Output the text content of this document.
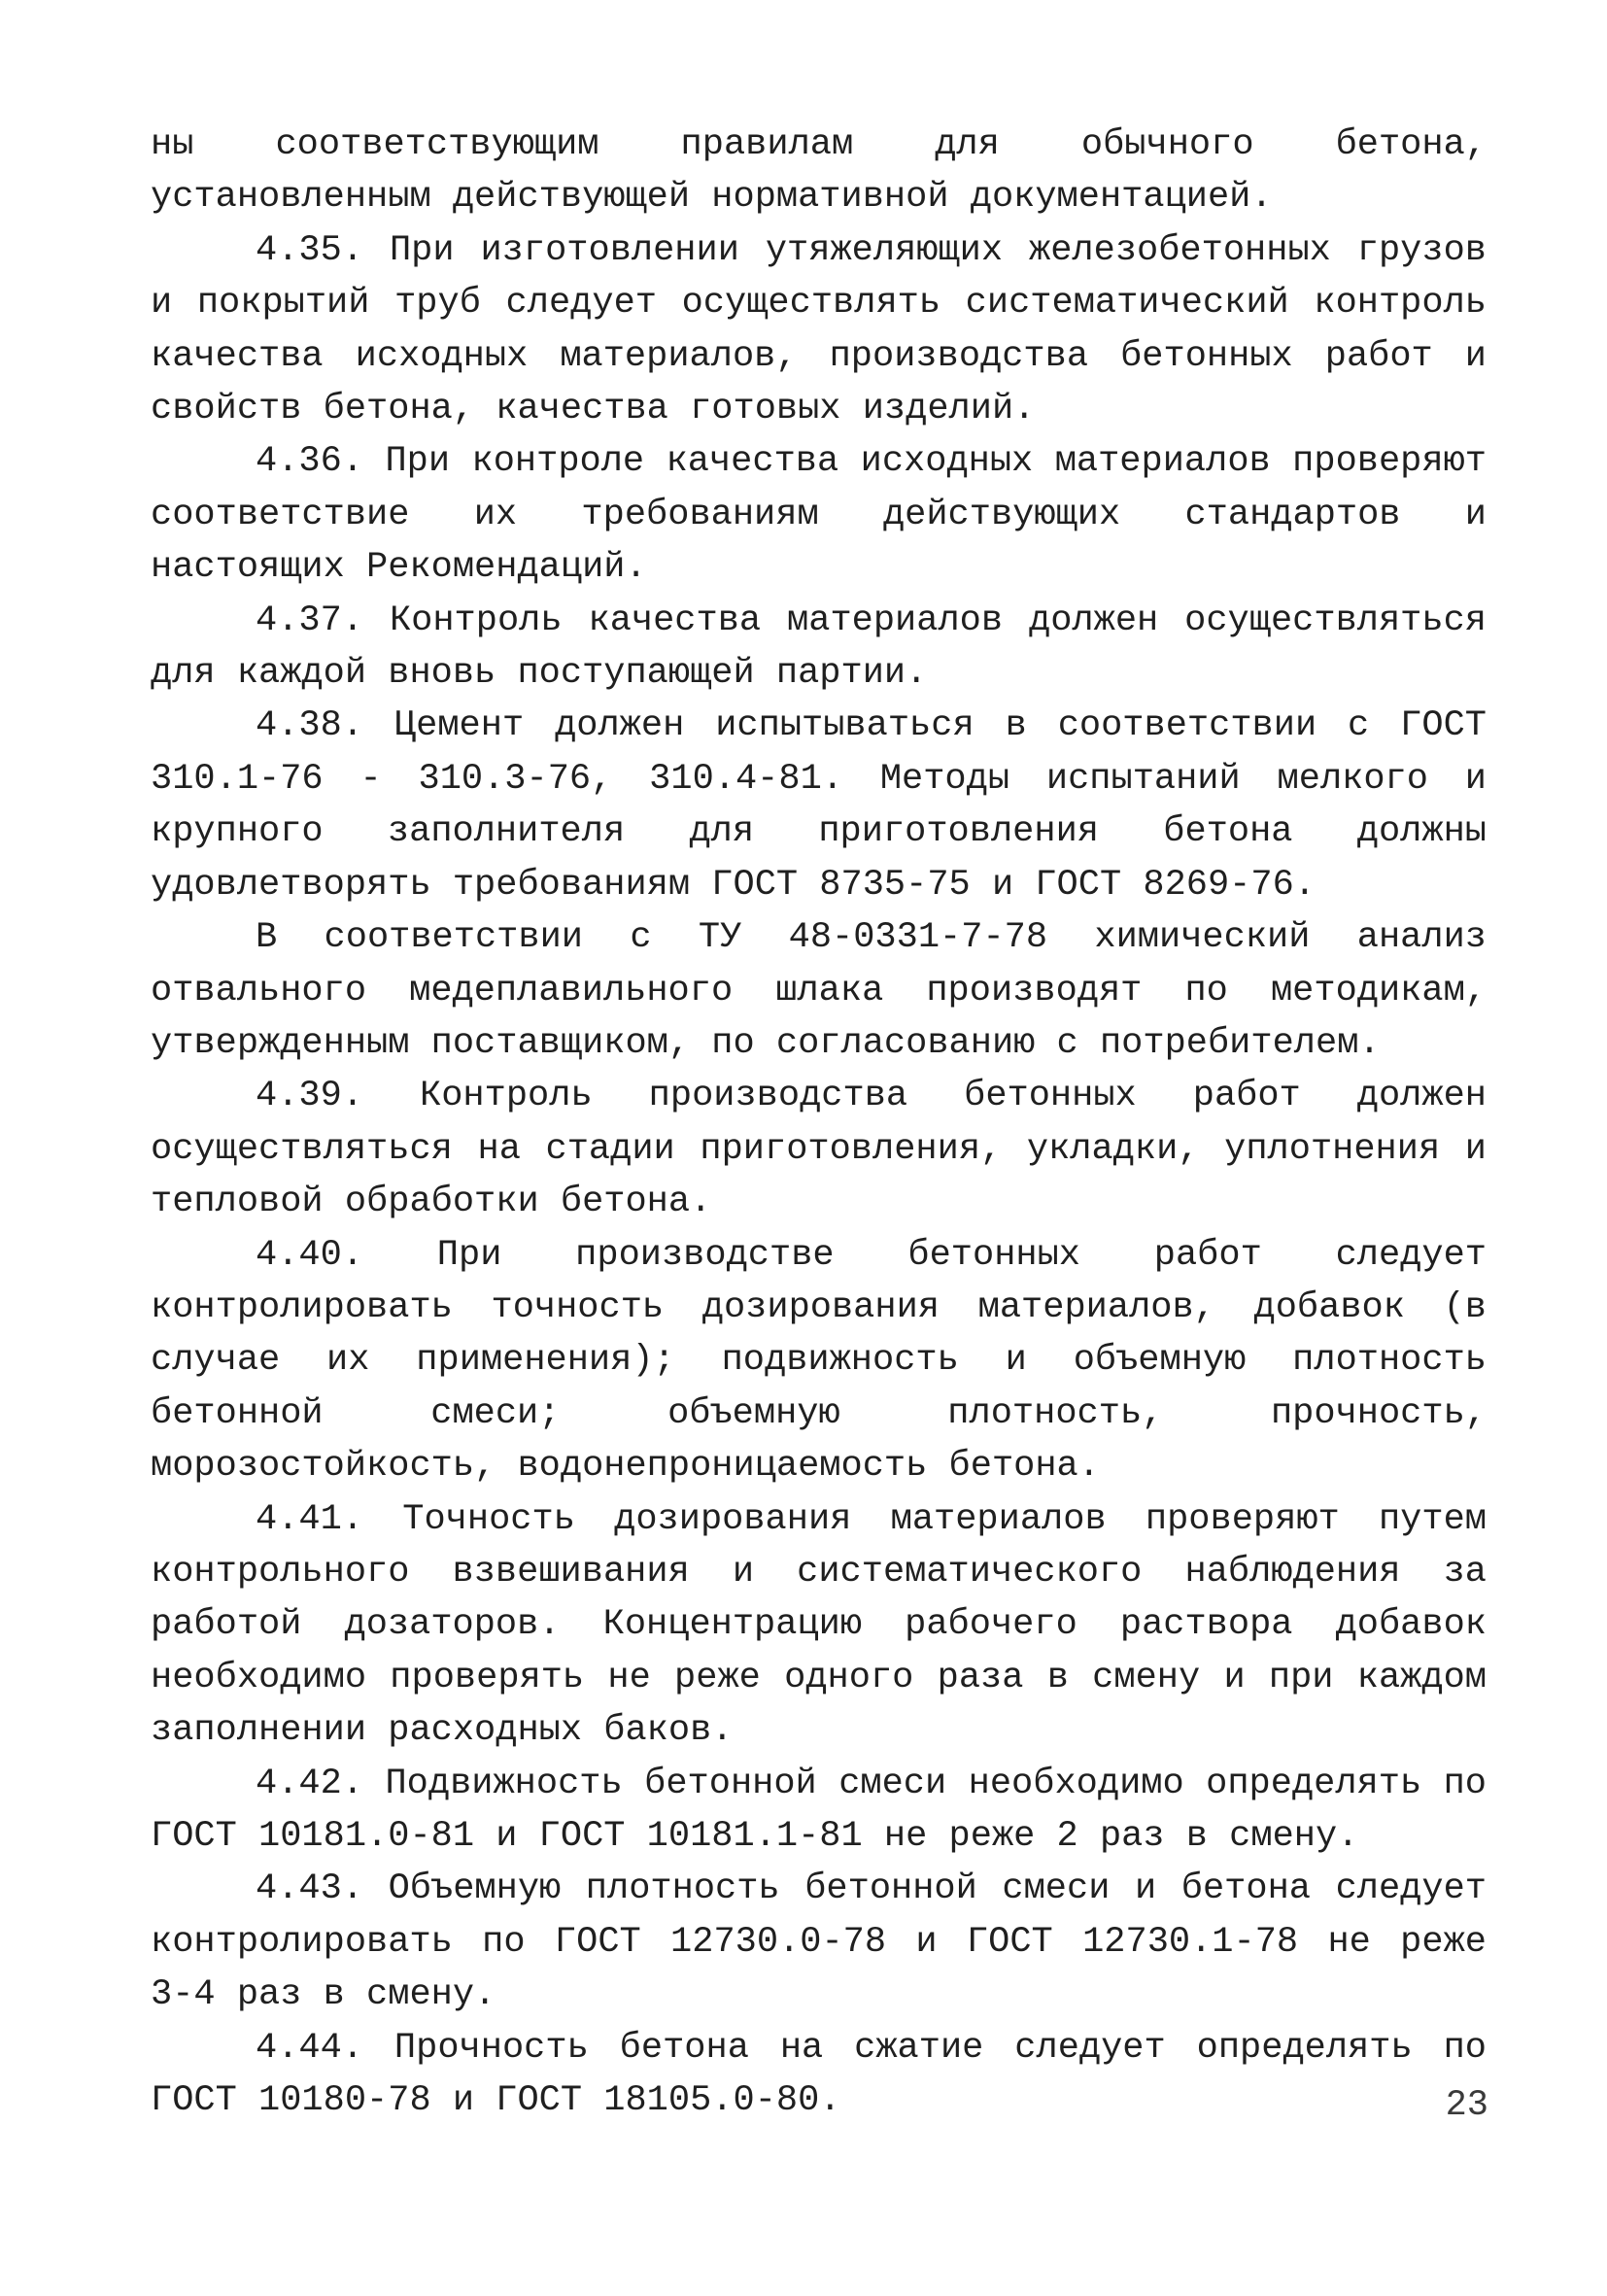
ны соответствующим правилам для обычного бетона, установленным действующей нормативной документацией.

4.35. При изготовлении утяжеляющих железобетонных грузов и покрытий труб следует осуществлять систематический контроль качества исходных материалов, производства бетонных работ и свойств бетона, качества готовых изделий.

4.36. При контроле качества исходных материалов проверяют соответствие их требованиям действующих стандартов и настоящих Рекомендаций.

4.37. Контроль качества материалов должен осуществляться для каждой вновь поступающей партии.

4.38. Цемент должен испытываться в соответствии с ГОСТ 310.1-76 - 310.3-76, 310.4-81. Методы испытаний мелкого и крупного заполнителя для приготовления бетона должны удовлетворять требованиям ГОСТ 8735-75 и ГОСТ 8269-76.

В соответствии с ТУ 48-0331-7-78 химический анализ отвального медеплавильного шлака производят по методикам, утвержденным поставщиком, по согласованию с потребителем.

4.39. Контроль производства бетонных работ должен осуществляться на стадии приготовления, укладки, уплотнения и тепловой обработки бетона.

4.40. При производстве бетонных работ следует контролировать точность дозирования материалов, добавок (в случае их применения); подвижность и объемную плотность бетонной смеси; объемную плотность, прочность, морозостойкость, водонепроницаемость бетона.

4.41. Точность дозирования материалов проверяют путем контрольного взвешивания и систематического наблюдения за работой дозаторов. Концентрацию рабочего раствора добавок необходимо проверять не реже одного раза в смену и при каждом заполнении расходных баков.

4.42. Подвижность бетонной смеси необходимо определять по ГОСТ 10181.0-81 и ГОСТ 10181.1-81 не реже 2 раз в смену.

4.43. Объемную плотность бетонной смеси и бетона следует контролировать по ГОСТ 12730.0-78 и ГОСТ 12730.1-78 не реже 3-4 раз в смену.

4.44. Прочность бетона на сжатие следует определять по ГОСТ 10180-78 и ГОСТ 18105.0-80.	23
